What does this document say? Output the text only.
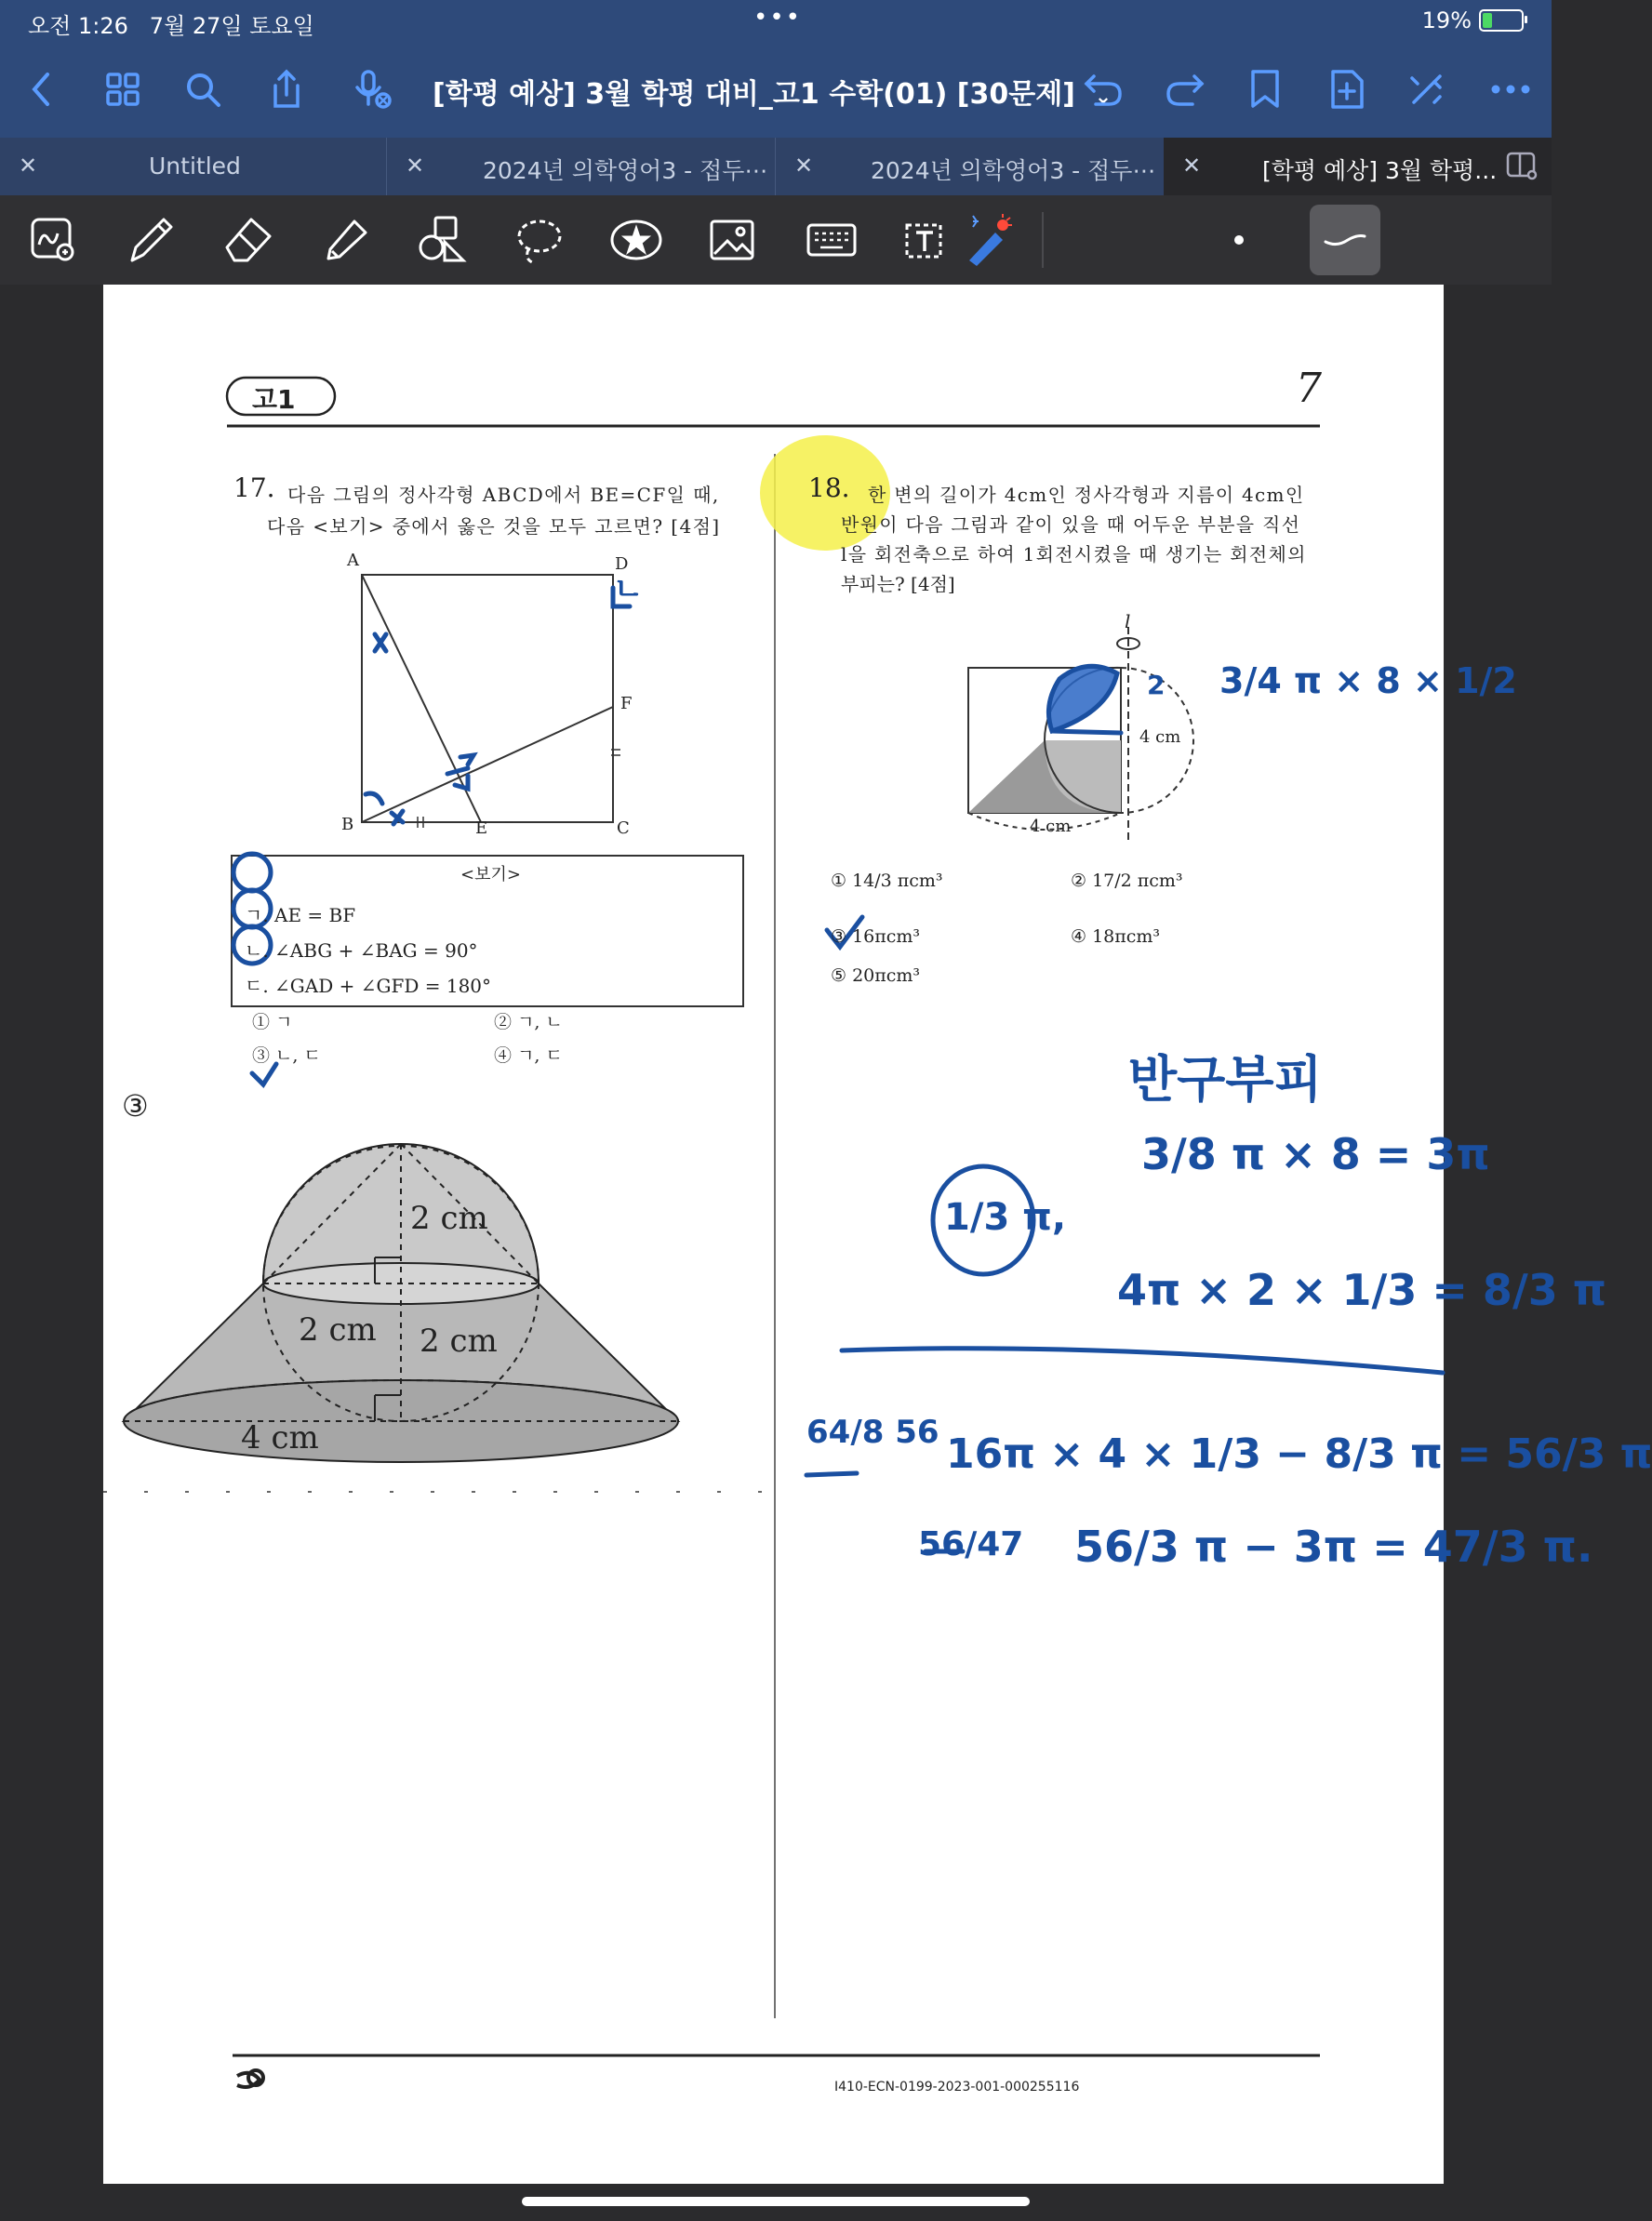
오전 1:26 7월 27일 토요일	•••	19%
[학평 예상] 3월 학평 대비_고1 수학(01) [30문제] ⌄
✕	Untitled	✕	2024년 의학영어3 - 접두⋯ ✕ 2024년 의학영어3 - 접두⋯ ✕	[학평 예상] 3월 학평...
고1	7
17. 다음 그림의 정사각형 ABCD에서 BE=CF일 때,
다음 <보기> 중에서 옳은 것을 모두 고르면? [4점]
A	D
B	E	C
F
<보기>
ㄱ. AE = BF
ㄴ. ∠ABG + ∠BAG = 90°
ㄷ. ∠GAD + ∠GFD = 180°
① ㄱ	② ㄱ, ㄴ
③ ㄴ, ㄷ	④ ㄱ, ㄷ
18. 한 변의 길이가 4cm인 정사각형과 지름이 4cm인
반원이 다음 그림과 같이 있을 때 어두운 부분을 직선
l을 회전축으로 하여 1회전시켰을 때 생기는 회전체의
부피는? [4점]
l
4 cm
4 cm
① 14/3 πcm³	② 17/2 πcm³
③ 16πcm³	④ 18πcm³
⑤ 20πcm³
③
2 cm
2 cm 2 cm
4 cm
ㄴ
3/4 π × 8 × 1/2
2
반구부피
1/3 π,
3/8 π × 8 = 3π
4π × 2 × 1/3 = 8/3 π
64/8 56 16π × 4 × 1/3 − 8/3 π = 56/3 π
56/47 56/3 π − 3π = 47/3 π.
I410-ECN-0199-2023-001-000255116
